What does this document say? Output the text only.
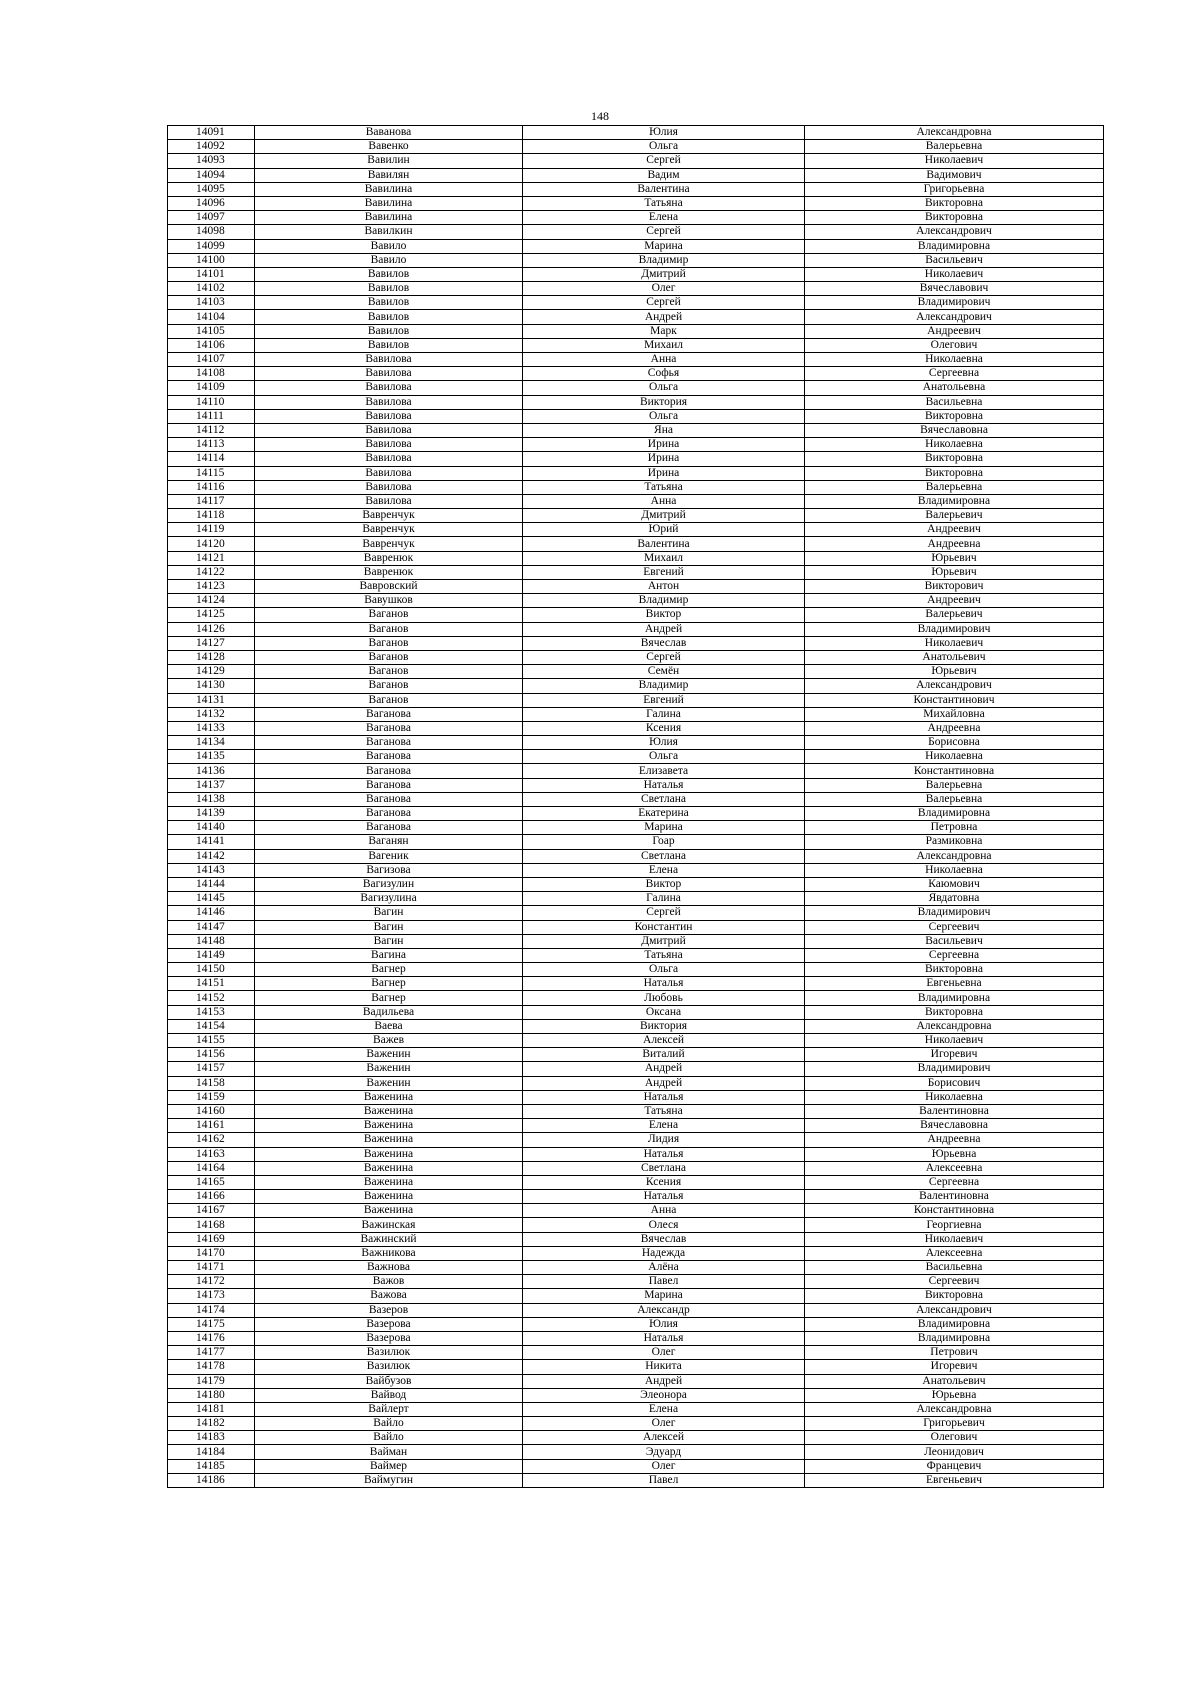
148
14091	Вавaнова	Юлия	Александровна
14092	Вавенко	Ольга	Валерьевна
14093	Вавилин	Сергей	Николаевич
14094	Вавилян	Вадим	Вадимович
14095	Вавилина	Валентина	Григорьевна
14096	Вавилина	Татьяна	Викторовна
14097	Вавилина	Елена	Викторовна
14098	Вавилкин	Сергей	Александрович
14099	Вавило	Марина	Владимировна
14100	Вавило	Владимир	Васильевич
14101	Вавилов	Дмитрий	Николаевич
14102	Вавилов	Олег	Вячеславович
14103	Вавилов	Сергей	Владимирович
14104	Вавилов	Андрей	Александрович
14105	Вавилов	Марк	Андреевич
14106	Вавилов	Михаил	Олегович
14107	Вавилова	Анна	Николаевна
14108	Вавилова	Софья	Сергеевна
14109	Вавилова	Ольга	Анатольевна
14110	Вавилова	Виктория	Васильевна
14111	Вавилова	Ольга	Викторовна
14112	Вавилова	Яна	Вячеславовна
14113	Вавилова	Ирина	Николаевна
14114	Вавилова	Ирина	Викторовна
14115	Вавилова	Ирина	Викторовна
14116	Вавилова	Татьяна	Валерьевна
14117	Вавилова	Анна	Владимировна
14118	Вавренчук	Дмитрий	Валерьевич
14119	Вавренчук	Юрий	Андреевич
14120	Вавренчук	Валентина	Андреевна
14121	Вавренюк	Михаил	Юрьевич
14122	Вавренюк	Евгений	Юрьевич
14123	Вавровский	Антон	Викторович
14124	Вавушков	Владимир	Андреевич
14125	Ваганов	Виктор	Валерьевич
14126	Ваганов	Андрей	Владимирович
14127	Ваганов	Вячеслав	Николаевич
14128	Ваганов	Сергей	Анатольевич
14129	Ваганов	Семён	Юрьевич
14130	Ваганов	Владимир	Александрович
14131	Ваганов	Евгений	Константинович
14132	Ваганова	Галина	Михайловна
14133	Ваганова	Ксения	Андреевна
14134	Ваганова	Юлия	Борисовна
14135	Ваганова	Ольга	Николаевна
14136	Ваганова	Елизавета	Константиновна
14137	Ваганова	Наталья	Валерьевна
14138	Ваганова	Светлана	Валерьевна
14139	Ваганова	Екатерина	Владимировна
14140	Ваганова	Марина	Петровна
14141	Ваганян	Гоар	Размиковна
14142	Вагеник	Светлана	Александровна
14143	Вагизова	Елена	Николаевна
14144	Вагизулин	Виктор	Каюмович
14145	Вагизулина	Галина	Явдатовна
14146	Вагин	Сергей	Владимирович
14147	Вагин	Константин	Сергеевич
14148	Вагин	Дмитрий	Васильевич
14149	Вагина	Татьяна	Сергеевна
14150	Вагнер	Ольга	Викторовна
14151	Вагнер	Наталья	Евгеньевна
14152	Вагнер	Любовь	Владимировна
14153	Вадильева	Оксана	Викторовна
14154	Ваева	Виктория	Александровна
14155	Важев	Алексей	Николаевич
14156	Важенин	Виталий	Игоревич
14157	Важенин	Андрей	Владимирович
14158	Важенин	Андрей	Борисович
14159	Важенина	Наталья	Николаевна
14160	Важенина	Татьяна	Валентиновна
14161	Важенина	Елена	Вячеславовна
14162	Важенина	Лидия	Андреевна
14163	Важенина	Наталья	Юрьевна
14164	Важенина	Светлана	Алексеевна
14165	Важенина	Ксения	Сергеевна
14166	Важенина	Наталья	Валентиновна
14167	Важенина	Анна	Константиновна
14168	Важинская	Олеся	Георгиевна
14169	Важинский	Вячеслав	Николаевич
14170	Важникова	Надежда	Алексеевна
14171	Важнова	Алёна	Васильевна
14172	Важов	Павел	Сергеевич
14173	Важова	Марина	Викторовна
14174	Вазеров	Александр	Александрович
14175	Вазерова	Юлия	Владимировна
14176	Вазерова	Наталья	Владимировна
14177	Вазилюк	Олег	Петрович
14178	Вазилюк	Никита	Игоревич
14179	Вайбузов	Андрей	Анатольевич
14180	Вайвод	Элеонора	Юрьевна
14181	Вайлерт	Елена	Александровна
14182	Вайло	Олег	Григорьевич
14183	Вайло	Алексей	Олегович
14184	Вайман	Эдуард	Леонидович
14185	Ваймер	Олег	Францевич
14186	Ваймугин	Павел	Евгеньевич
